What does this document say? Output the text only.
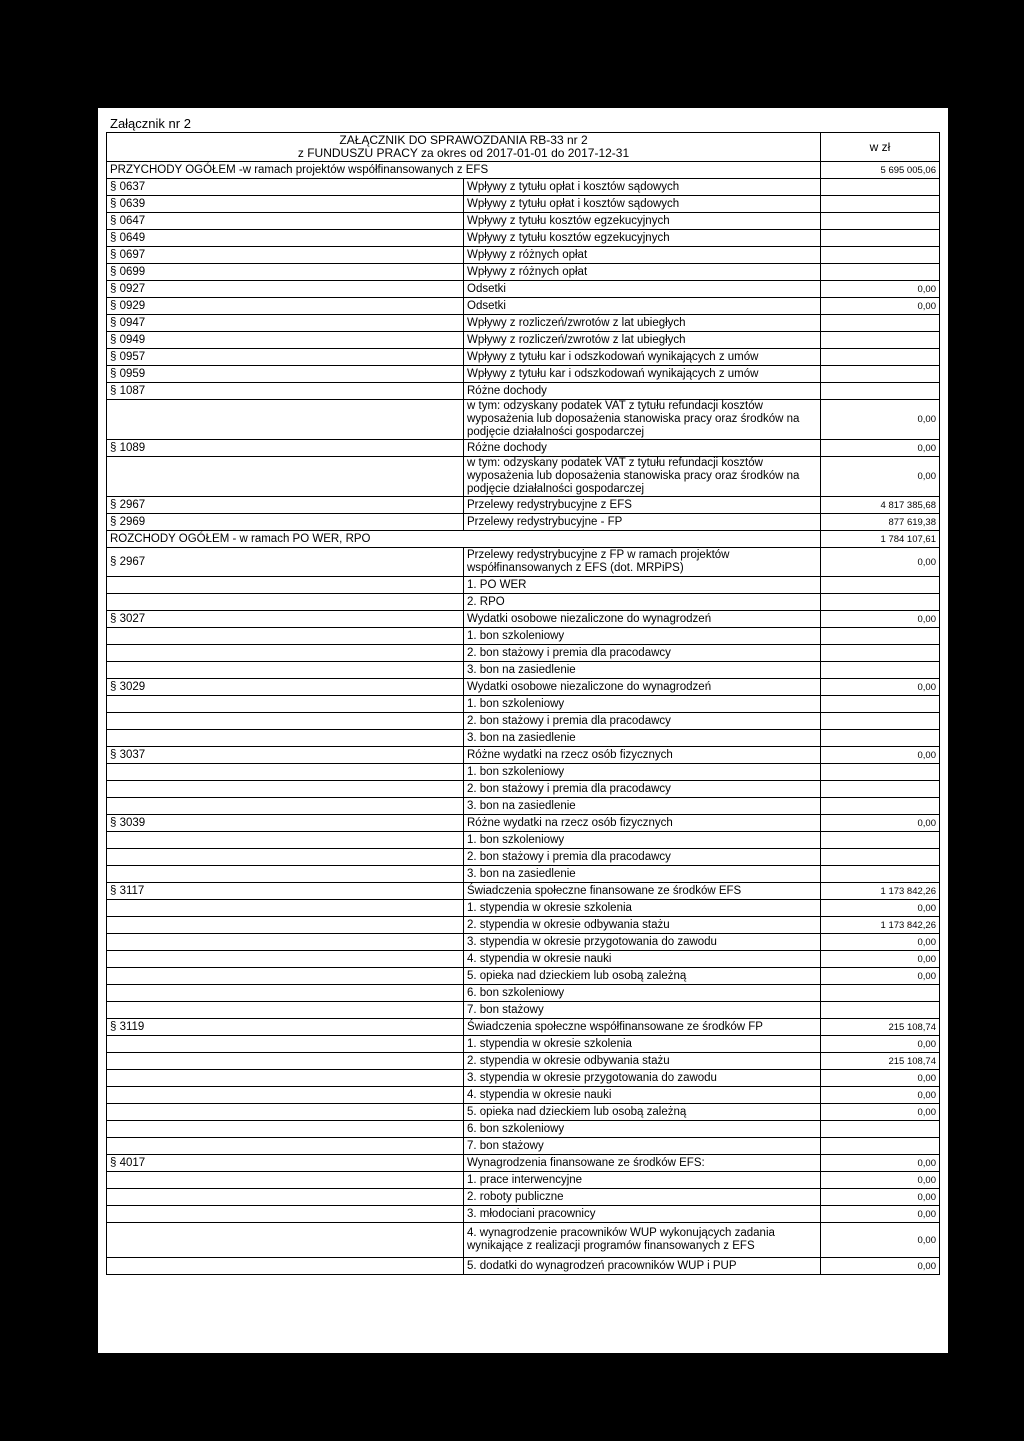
Załącznik nr 2
ZAŁĄCZNIK DO SPRAWOZDANIA RB-33 nr 2
z FUNDUSZU PRACY za okres od 2017-01-01 do 2017-12-31		w zł
PRZYCHODY OGÓŁEM -w ramach projektów współfinansowanych z EFS		5 695 005,06
§ 0637	Wpływy z tytułu opłat i kosztów sądowych	
§ 0639	Wpływy z tytułu opłat i kosztów sądowych	
§ 0647	Wpływy z tytułu kosztów egzekucyjnych	
§ 0649	Wpływy z tytułu kosztów egzekucyjnych	
§ 0697	Wpływy z różnych opłat	
§ 0699	Wpływy z różnych opłat	
§ 0927	Odsetki	0,00
§ 0929	Odsetki	0,00
§ 0947	Wpływy z rozliczeń/zwrotów z lat ubiegłych	
§ 0949	Wpływy z rozliczeń/zwrotów z lat ubiegłych	
§ 0957	Wpływy z tytułu kar i odszkodowań wynikających z umów	
§ 0959	Wpływy z tytułu kar i odszkodowań wynikających z umów	
§ 1087	Różne dochody	
	w tym: odzyskany podatek VAT z tytułu refundacji kosztów wyposażenia lub doposażenia stanowiska pracy oraz środków na podjęcie działalności gospodarczej	0,00
§ 1089	Różne dochody	0,00
	w tym: odzyskany podatek VAT z tytułu refundacji kosztów wyposażenia lub doposażenia stanowiska pracy oraz środków na podjęcie działalności gospodarczej	0,00
§ 2967	Przelewy redystrybucyjne z EFS	4 817 385,68
§ 2969	Przelewy redystrybucyjne - FP	877 619,38
ROZCHODY OGÓŁEM - w ramach PO WER, RPO		1 784 107,61
§ 2967	Przelewy redystrybucyjne z FP w ramach projektów współfinansowanych z EFS (dot. MRPiPS)	0,00
	1. PO WER	
	2. RPO	
§ 3027	Wydatki osobowe niezaliczone do wynagrodzeń	0,00
	1. bon szkoleniowy	
	2. bon stażowy i premia dla pracodawcy	
	3. bon na zasiedlenie	
§ 3029	Wydatki osobowe niezaliczone do wynagrodzeń	0,00
	1. bon szkoleniowy	
	2. bon stażowy i premia dla pracodawcy	
	3. bon na zasiedlenie	
§ 3037	Różne wydatki na rzecz osób fizycznych	0,00
	1. bon szkoleniowy	
	2. bon stażowy i premia dla pracodawcy	
	3. bon na zasiedlenie	
§ 3039	Różne wydatki na rzecz osób fizycznych	0,00
	1. bon szkoleniowy	
	2. bon stażowy i premia dla pracodawcy	
	3. bon na zasiedlenie	
§ 3117	Świadczenia społeczne finansowane ze środków EFS	1 173 842,26
	1. stypendia w okresie szkolenia	0,00
	2. stypendia w okresie odbywania stażu	1 173 842,26
	3. stypendia w okresie przygotowania do zawodu	0,00
	4. stypendia w okresie nauki	0,00
	5. opieka nad dzieckiem lub osobą zależną	0,00
	6. bon szkoleniowy	
	7. bon stażowy	
§ 3119	Świadczenia społeczne współfinansowane ze środków FP	215 108,74
	1. stypendia w okresie szkolenia	0,00
	2. stypendia w okresie odbywania stażu	215 108,74
	3. stypendia w okresie przygotowania do zawodu	0,00
	4. stypendia w okresie nauki	0,00
	5. opieka nad dzieckiem lub osobą zależną	0,00
	6. bon szkoleniowy	
	7. bon stażowy	
§ 4017	Wynagrodzenia finansowane ze środków EFS:	0,00
	1. prace interwencyjne	0,00
	2. roboty publiczne	0,00
	3. młodociani pracownicy	0,00
	4. wynagrodzenie pracowników WUP wykonujących zadania wynikające z realizacji programów finansowanych z EFS	0,00
	5. dodatki do wynagrodzeń pracowników WUP i PUP	0,00
